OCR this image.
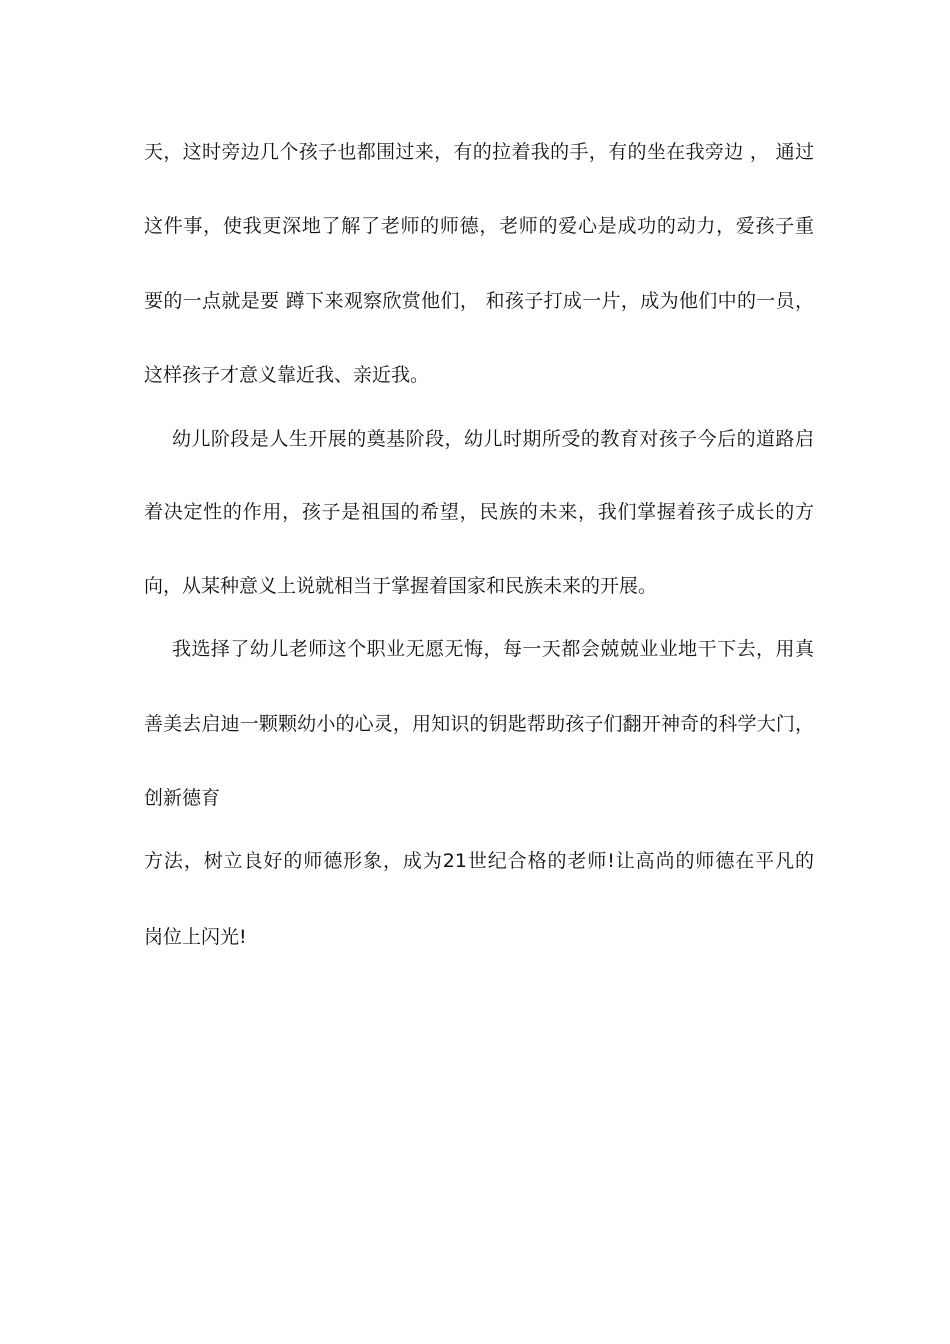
天，这时旁边几个孩子也都围过来，有的拉着我的手，有的坐在我旁边 ， 通过
这件事，使我更深地了解了老师的师德，老师的爱心是成功的动力，爱孩子重
要的一点就是要 蹲下来观察欣赏他们， 和孩子打成一片，成为他们中的一员，
这样孩子才意义靠近我、亲近我。
幼儿阶段是人生开展的奠基阶段，幼儿时期所受的教育对孩子今后的道路启
着决定性的作用，孩子是祖国的希望，民族的未来，我们掌握着孩子成长的方
向，从某种意义上说就相当于掌握着国家和民族未来的开展。
我选择了幼儿老师这个职业无愿无悔，每一天都会兢兢业业地干下去，用真
善美去启迪一颗颗幼小的心灵，用知识的钥匙帮助孩子们翻开神奇的科学大门，
创新德育
方法，树立良好的师德形象，成为21世纪合格的老师!让高尚的师德在平凡的
岗位上闪光!
